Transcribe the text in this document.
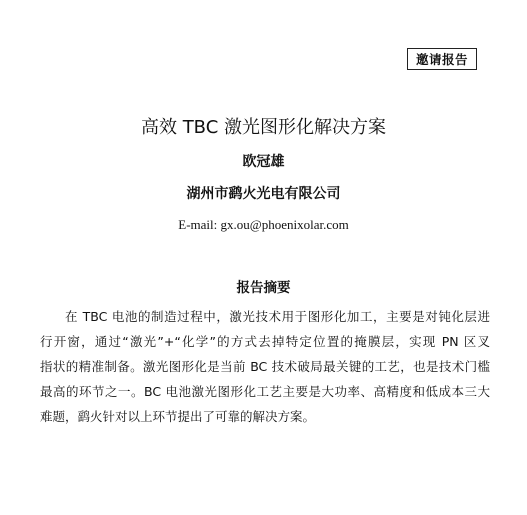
邀请报告
高效 TBC 激光图形化解决方案
欧冠雄
湖州市鹞火光电有限公司
E-mail: gx.ou@phoenixolar.com
报告摘要
在 TBC 电池的制造过程中，激光技术用于图形化加工，主要是对钝化层进
行开窗，通过“激光”+“化学”的方式去掉特定位置的掩膜层，实现 PN 区叉
指状的精准制备。激光图形化是当前 BC 技术破局最关键的工艺，也是技术门槛
最高的环节之一。BC 电池激光图形化工艺主要是大功率、高精度和低成本三大
难题，鹞火针对以上环节提出了可靠的解决方案。
